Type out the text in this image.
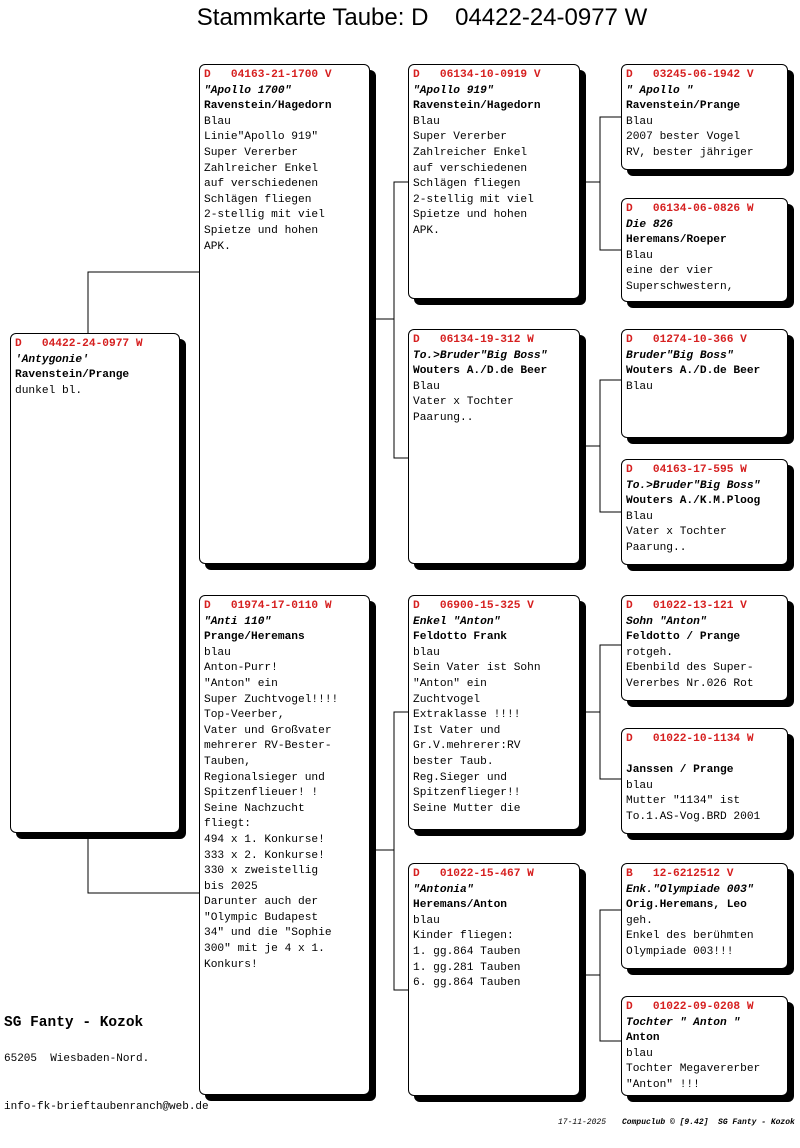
Stammkarte Taube: D    04422-24-0977 W
D   04422-24-0977 W
'Antygonie'
Ravenstein/Prange
dunkel bl.
D   04163-21-1700 V
"Apollo 1700"
Ravenstein/Hagedorn
Blau
Linie"Apollo 919"
Super Vererber
Zahlreicher Enkel
auf verschiedenen
Schlägen fliegen
2-stellig mit viel
Spietze und hohen
APK.
D   01974-17-0110 W
"Anti 110"
Prange/Heremans
blau
Anton-Purr!
"Anton" ein
Super Zuchtvogel!!!!
Top-Veerber,
Vater und Großvater
mehrerer RV-Bester-
Tauben,
Regionalsieger und
Spitzenflieuer! !
Seine Nachzucht
fliegt:
494 x 1. Konkurse!
333 x 2. Konkurse!
330 x zweistellig
bis 2025
Darunter auch der
"Olympic Budapest
34" und die "Sophie
300" mit je 4 x 1.
Konkurs!
D   06134-10-0919 V
"Apollo 919"
Ravenstein/Hagedorn
Blau
Super Vererber
Zahlreicher Enkel
auf verschiedenen
Schlägen fliegen
2-stellig mit viel
Spietze und hohen
APK.
D   06134-19-312 W
To.>Bruder"Big Boss"
Wouters A./D.de Beer
Blau
Vater x Tochter
Paarung..
D   06900-15-325 V
Enkel "Anton"
Feldotto Frank
blau
Sein Vater ist Sohn
"Anton" ein
Zuchtvogel
Extraklasse !!!!
Ist Vater und
Gr.V.mehrerer:RV
bester Taub.
Reg.Sieger und
Spitzenflieger!!
Seine Mutter die
D   01022-15-467 W
"Antonia"
Heremans/Anton
blau
Kinder fliegen:
1. gg.864 Tauben
1. gg.281 Tauben
6. gg.864 Tauben
D   03245-06-1942 V
" Apollo "
Ravenstein/Prange
Blau
2007 bester Vogel
RV, bester jähriger
D   06134-06-0826 W
Die 826
Heremans/Roeper
Blau
eine der vier
Superschwestern,
D   01274-10-366 V
Bruder"Big Boss"
Wouters A./D.de Beer
Blau
D   04163-17-595 W
To.>Bruder"Big Boss"
Wouters A./K.M.Ploog
Blau
Vater x Tochter
Paarung..
D   01022-13-121 V
Sohn "Anton"
Feldotto / Prange
rotgeh.
Ebenbild des Super-
Vererbes Nr.026 Rot
D   01022-10-1134 W

Janssen / Prange
blau
Mutter "1134" ist
To.1.AS-Vog.BRD 2001
B   12-6212512 V
Enk."Olympiade 003"
Orig.Heremans, Leo
geh.
Enkel des berühmten
Olympiade 003!!!
D   01022-09-0208 W
Tochter " Anton "
Anton
blau
Tochter Megavererber
"Anton" !!!
SG Fanty - Kozok
65205  Wiesbaden-Nord.
info-fk-brieftaubenranch@web.de
17-11-2025 Compuclub © [9.42]  SG Fanty - Kozok
